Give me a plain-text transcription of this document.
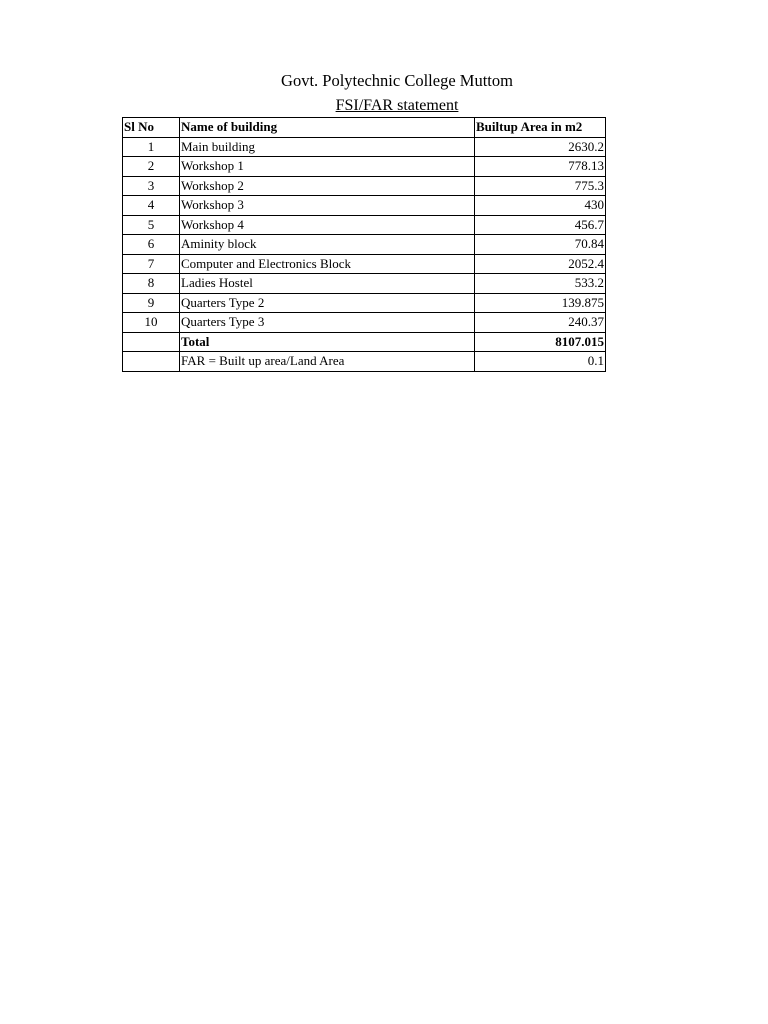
Govt. Polytechnic College Muttom
FSI/FAR statement
Sl No	Name of building	Builtup Area in m2
1	Main building	2630.2
2	Workshop 1	778.13
3	Workshop 2	775.3
4	Workshop 3	430
5	Workshop 4	456.7
6	Aminity block	70.84
7	Computer and Electronics Block	2052.4
8	Ladies Hostel	533.2
9	Quarters Type 2	139.875
10	Quarters Type 3	240.37
	Total	8107.015
	FAR = Built up area/Land Area	0.1
